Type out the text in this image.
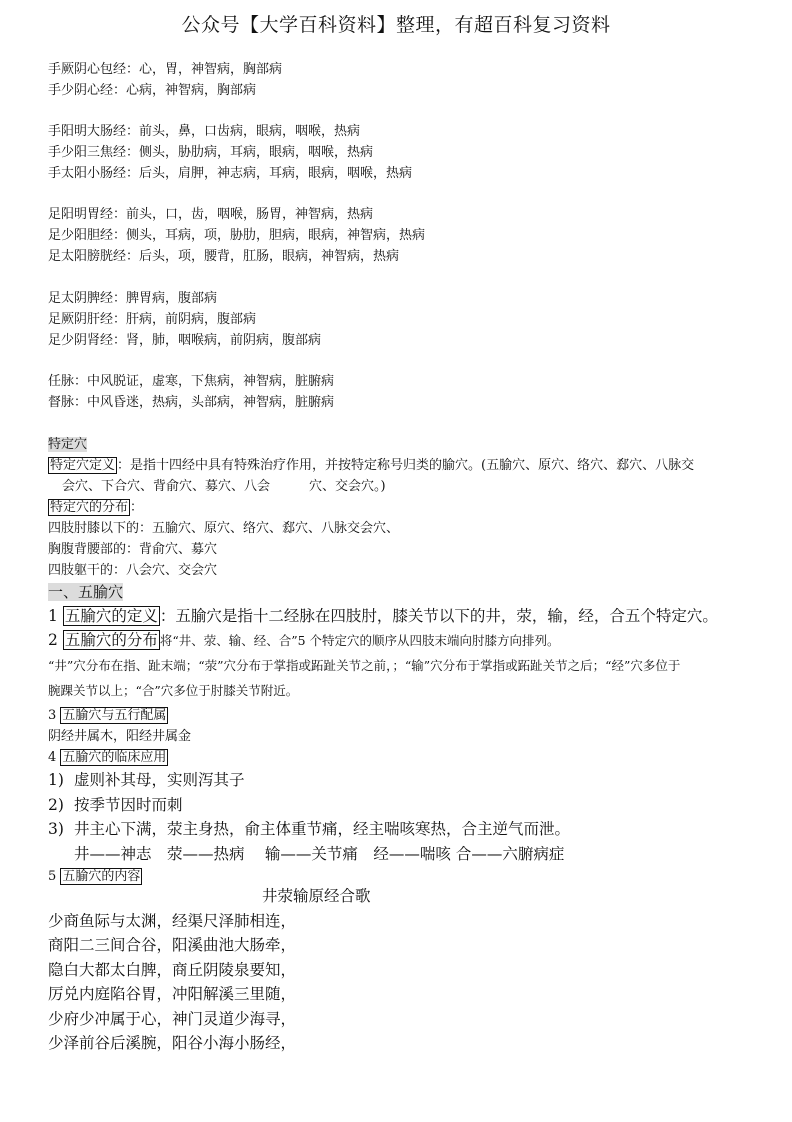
公众号【大学百科资料】整理，有超百科复习资料
手厥阴心包经：心，胃，神智病，胸部病
手少阴心经：心病，神智病，胸部病
手阳明大肠经：前头，鼻，口齿病，眼病，咽喉，热病
手少阳三焦经：侧头，胁肋病，耳病，眼病，咽喉，热病
手太阳小肠经：后头，肩胛，神志病，耳病，眼病，咽喉，热病
足阳明胃经：前头，口，齿，咽喉，肠胃，神智病，热病
足少阳胆经：侧头，耳病，项，胁肋，胆病，眼病，神智病，热病
足太阳膀胱经：后头，项，腰背，肛肠，眼病，神智病，热病
足太阴脾经：脾胃病，腹部病
足厥阴肝经：肝病，前阴病，腹部病
足少阴肾经：肾，肺，咽喉病，前阴病，腹部病
任脉：中风脱证，虚寒，下焦病，神智病，脏腑病
督脉：中风昏迷，热病，头部病，神智病，脏腑病
特定穴
特定穴定义 ：是指十四经中具有特殊治疗作用，并按特定称号归类的腧穴。(五腧穴、原穴、络穴、郄穴、八脉交
会穴、下合穴、背俞穴、募穴、八会　　　穴、交会穴。)
特定穴的分布 ：
四肢肘膝以下的：五腧穴、原穴、络穴、郄穴、八脉交会穴、
胸腹背腰部的：背俞穴、募穴
四肢躯干的：八会穴、交会穴
一、五腧穴
1 五腧穴的定义 ：五腧穴是指十二经脉在四肢肘，膝关节以下的井，荥，输，经，合五个特定穴。
2 五腧穴的分布 将“井、荥、输、经、合”5 个特定穴的顺序从四肢末端向肘膝方向排列。
“井”穴分布在指、趾末端；“荥”穴分布于掌指或跖趾关节之前，；“输”穴分布于掌指或跖趾关节之后；“经”穴多位于
腕踝关节以上；“合”穴多位于肘膝关节附近。
3 五腧穴与五行配属
阴经井属木，阳经井属金
4 五腧穴的临床应用
1) 虚则补其母，实则泻其子
2) 按季节因时而刺
3) 井主心下满，荥主身热，俞主体重节痛，经主喘咳寒热，合主逆气而泄。
井——神志　荥——热病　 输——关节痛　经——喘咳 合——六腑病症
5 五腧穴的内容
井荥输原经合歌
少商鱼际与太渊，经渠尺泽肺相连，
商阳二三间合谷，阳溪曲池大肠牵，
隐白大都太白脾，商丘阴陵泉要知，
厉兑内庭陷谷胃，冲阳解溪三里随，
少府少冲属于心，神门灵道少海寻，
少泽前谷后溪腕，阳谷小海小肠经，
